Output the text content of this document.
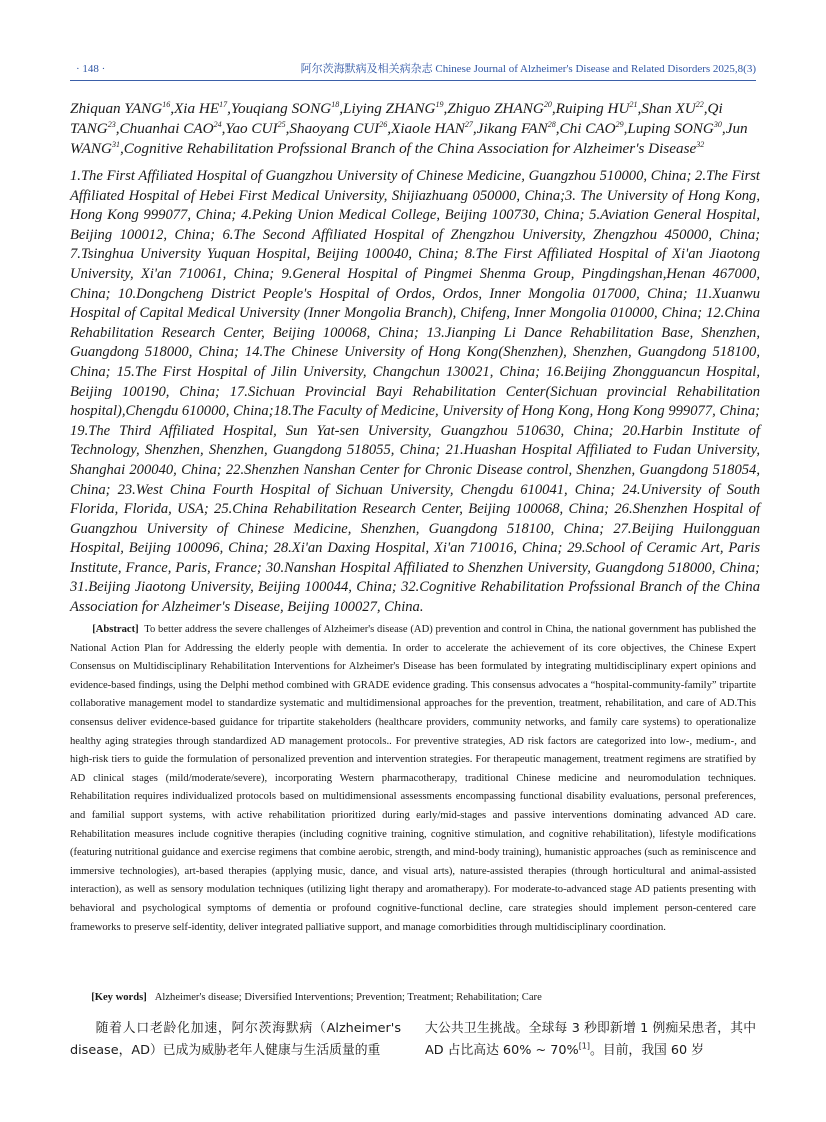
· 148 ·	阿尔茨海默病及相关病杂志 Chinese Journal of Alzheimer's Disease and Related Disorders 2025,8(3)
Zhiquan YANG$^{16}$,Xia HE$^{17}$,Youqiang SONG$^{18}$,Liying ZHANG$^{19}$,Zhiguo ZHANG$^{20}$,Ruiping HU$^{21}$,Shan XU$^{22}$,Qi TANG$^{23}$,Chuanhai CAO$^{24}$,Yao CUI$^{25}$,Shaoyang CUI$^{26}$,Xiaole HAN$^{27}$,Jikang FAN$^{28}$,Chi CAO$^{29}$,Luping SONG$^{30}$,Jun WANG$^{31}$,Cognitive Rehabilitation Profssional Branch of the China Association for Alzheimer's Disease$^{32}$
1.The First Affiliated Hospital of Guangzhou University of Chinese Medicine, Guangzhou 510000, China; 2.The First Affiliated Hospital of Hebei First Medical University, Shijiazhuang 050000, China;3. The University of Hong Kong, Hong Kong 999077, China; 4.Peking Union Medical College, Beijing 100730, China; 5.Aviation General Hospital, Beijing 100012, China; 6.The Second Affiliated Hospital of Zhengzhou University, Zhengzhou 450000, China; 7.Tsinghua University Yuquan Hospital, Beijing 100040, China; 8.The First Affiliated Hospital of Xi'an Jiaotong University, Xi'an 710061, China; 9.General Hospital of Pingmei Shenma Group, Pingdingshan,Henan 467000, China; 10.Dongcheng District People's Hospital of Ordos, Ordos, Inner Mongolia 017000, China; 11.Xuanwu Hospital of Capital Medical University (Inner Mongolia Branch), Chifeng, Inner Mongolia 010000, China; 12.China Rehabilitation Research Center, Beijing 100068, China; 13.Jianping Li Dance Rehabilitation Base, Shenzhen, Guangdong 518000, China; 14.The Chinese University of Hong Kong(Shenzhen), Shenzhen, Guangdong 518100, China; 15.The First Hospital of Jilin University, Changchun 130021, China; 16.Beijing Zhongguancun Hospital, Beijing 100190, China; 17.Sichuan Provincial Bayi Rehabilitation Center(Sichuan provincial Rehabilitation hospital),Chengdu 610000, China;18.The Faculty of Medicine, University of Hong Kong, Hong Kong 999077, China; 19.The Third Affiliated Hospital, Sun Yat-sen University, Guangzhou 510630, China; 20.Harbin Institute of Technology, Shenzhen, Shenzhen, Guangdong 518055, China; 21.Huashan Hospital Affiliated to Fudan University, Shanghai 200040, China; 22.Shenzhen Nanshan Center for Chronic Disease control, Shenzhen, Guangdong 518054, China; 23.West China Fourth Hospital of Sichuan University, Chengdu 610041, China; 24.University of South Florida, Florida, USA; 25.China Rehabilitation Research Center, Beijing 100068, China; 26.Shenzhen Hospital of Guangzhou University of Chinese Medicine, Shenzhen, Guangdong 518100, China; 27.Beijing Huilongguan Hospital, Beijing 100096, China; 28.Xi'an Daxing Hospital, Xi'an 710016, China; 29.School of Ceramic Art, Paris Institute, France, Paris, France; 30.Nanshan Hospital Affiliated to Shenzhen University, Guangdong 518000, China; 31.Beijing Jiaotong University, Beijing 100044, China; 32.Cognitive Rehabilitation Profssional Branch of the China Association for Alzheimer's Disease, Beijing 100027, China.
[Abstract] To better address the severe challenges of Alzheimer's disease (AD) prevention and control in China, the national government has published the National Action Plan for Addressing the elderly people with dementia. In order to accelerate the achievement of its core objectives, the Chinese Expert Consensus on Multidisciplinary Rehabilitation Interventions for Alzheimer's Disease has been formulated by integrating multidisciplinary expert opinions and evidence-based findings, using the Delphi method combined with GRADE evidence grading. This consensus advocates a “hospital-community-family” tripartite collaborative management model to standardize systematic and multidimensional approaches for the prevention, treatment, rehabilitation, and care of AD.This consensus deliver evidence-based guidance for tripartite stakeholders (healthcare providers, community networks, and family care systems) to operationalize healthy aging strategies through standardized AD management protocols.. For preventive strategies, AD risk factors are categorized into low-, medium-, and high-risk tiers to guide the formulation of personalized prevention and intervention strategies. For therapeutic management, treatment regimens are stratified by AD clinical stages (mild/moderate/severe), incorporating Western pharmacotherapy, traditional Chinese medicine and neuromodulation techniques. Rehabilitation requires individualized protocols based on multidimensional assessments encompassing functional disability evaluations, personal preferences, and familial support systems, with active rehabilitation prioritized during early/mid-stages and passive interventions dominating advanced AD care. Rehabilitation measures include cognitive therapies (including cognitive training, cognitive stimulation, and cognitive rehabilitation), lifestyle modifications (featuring nutritional guidance and exercise regimens that combine aerobic, strength, and mind-body training), humanistic approaches (such as reminiscence and immersive technologies), art-based therapies (applying music, dance, and visual arts), nature-assisted therapies (through horticultural and animal-assisted interaction), as well as sensory modulation techniques (utilizing light therapy and aromatherapy). For moderate-to-advanced stage AD patients presenting with behavioral and psychological symptoms of dementia or profound cognitive-functional decline, care strategies should implement person-centered care frameworks to preserve self-identity, deliver integrated palliative support, and manage comorbidities through multidisciplinary coordination.
[Key words] Alzheimer's disease; Diversified Interventions; Prevention; Treatment; Rehabilitation; Care
随着人口老龄化加速，阿尔茨海默病（Alzheimer's disease，AD）已成为威胁老年人健康与生活质量的重
大公共卫生挑战。全球每 3 秒即新增 1 例痴呆患者，其中 AD 占比高达 60% ~ 70%[1]。目前，我国 60 岁
